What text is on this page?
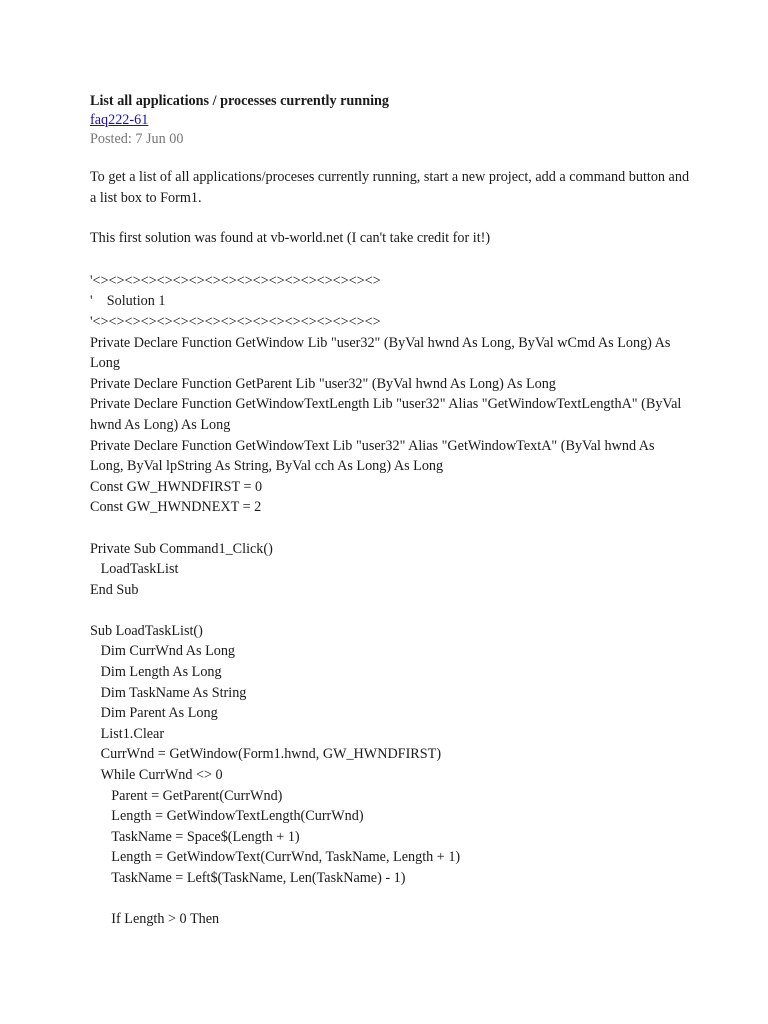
List all applications / processes currently running
faq222-61
Posted: 7 Jun 00

To get a list of all applications/proceses currently running, start a new project, add a command button and a list box to Form1.

This first solution was found at vb-world.net (I can't take credit for it!)

'<><><><><><><><><><><><><><><><><><>
'    Solution 1
'<><><><><><><><><><><><><><><><><><>
Private Declare Function GetWindow Lib "user32" (ByVal hwnd As Long, ByVal wCmd As Long) As Long
Private Declare Function GetParent Lib "user32" (ByVal hwnd As Long) As Long
Private Declare Function GetWindowTextLength Lib "user32" Alias "GetWindowTextLengthA" (ByVal hwnd As Long) As Long
Private Declare Function GetWindowText Lib "user32" Alias "GetWindowTextA" (ByVal hwnd As Long, ByVal lpString As String, ByVal cch As Long) As Long
Const GW_HWNDFIRST = 0
Const GW_HWNDNEXT = 2
Private Sub Command1_Click()
LoadTaskList
End Sub
Sub LoadTaskList()
Dim CurrWnd As Long
Dim Length As Long
Dim TaskName As String
Dim Parent As Long
List1.Clear
CurrWnd = GetWindow(Form1.hwnd, GW_HWNDFIRST)
While CurrWnd <> 0
Parent = GetParent(CurrWnd)
Length = GetWindowTextLength(CurrWnd)
TaskName = Space$(Length + 1)
Length = GetWindowText(CurrWnd, TaskName, Length + 1)
TaskName = Left$(TaskName, Len(TaskName) - 1)
If Length > 0 Then
